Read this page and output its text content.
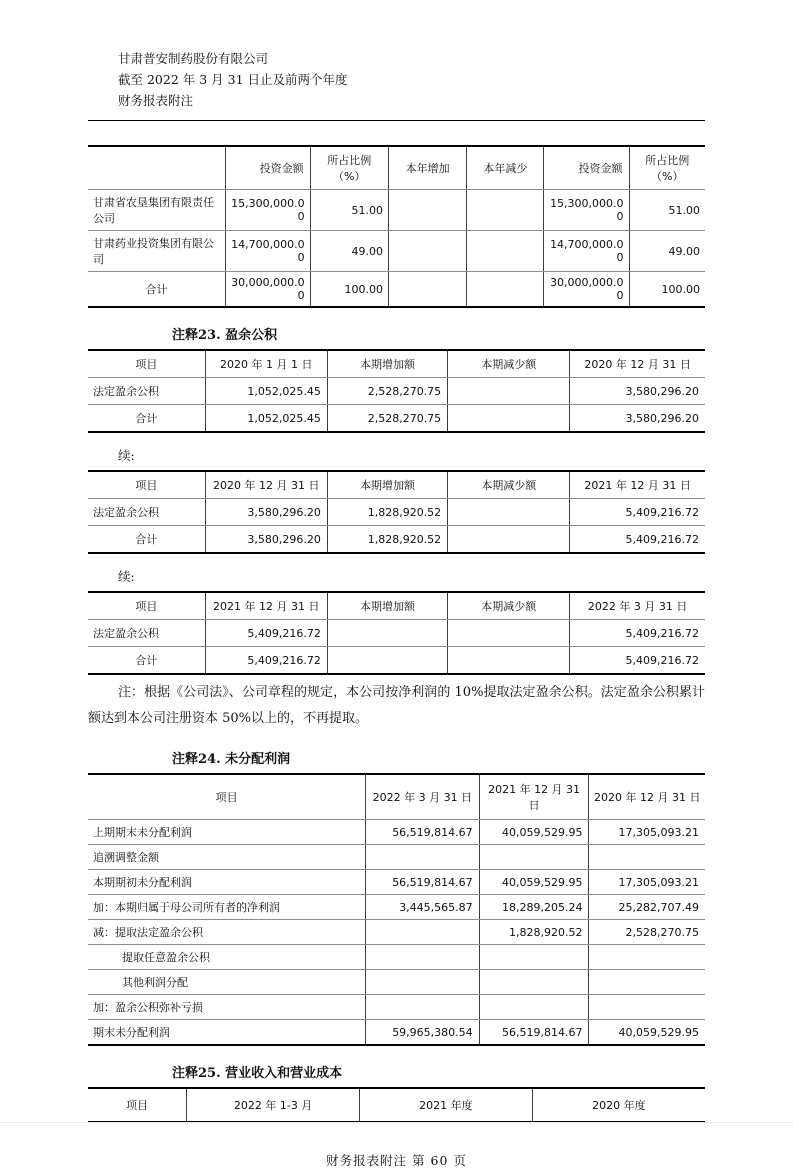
甘肃普安制药股份有限公司
截至 2022 年 3 月 31 日止及前两个年度
财务报表附注
	投资金额	所占比例（%）	本年增加	本年减少	投资金额	所占比例（%）
甘肃省农垦集团有限责任公司	15,300,000.00	51.00			15,300,000.00	51.00
甘肃药业投资集团有限公司	14,700,000.00	49.00			14,700,000.00	49.00
合计	30,000,000.00	100.00			30,000,000.00	100.00
注释23. 盈余公积
项目	2020 年 1 月 1 日	本期增加额	本期减少额	2020 年 12 月 31 日
法定盈余公积	1,052,025.45	2,528,270.75		3,580,296.20
合计	1,052,025.45	2,528,270.75		3,580,296.20
续:
项目	2020 年 12 月 31 日	本期增加额	本期减少额	2021 年 12 月 31 日
法定盈余公积	3,580,296.20	1,828,920.52		5,409,216.72
合计	3,580,296.20	1,828,920.52		5,409,216.72
续:
项目	2021 年 12 月 31 日	本期增加额	本期减少额	2022 年 3 月 31 日
法定盈余公积	5,409,216.72			5,409,216.72
合计	5,409,216.72			5,409,216.72

注：根据《公司法》、公司章程的规定，本公司按净利润的 10%提取法定盈余公积。法定盈余公积累计额达到本公司注册资本 50%以上的，不再提取。

注释24. 未分配利润
项目	2022 年 3 月 31 日	2021 年 12 月 31 日	2020 年 12 月 31 日
上期期末未分配利润	56,519,814.67	40,059,529.95	17,305,093.21
追溯调整金额			
本期期初未分配利润	56,519,814.67	40,059,529.95	17,305,093.21
加：本期归属于母公司所有者的净利润	3,445,565.87	18,289,205.24	25,282,707.49
减：提取法定盈余公积		1,828,920.52	2,528,270.75
提取任意盈余公积			
其他利润分配			
加：盈余公积弥补亏损			
期末未分配利润	59,965,380.54	56,519,814.67	40,059,529.95
注释25. 营业收入和营业成本
项目	2022 年 1-3 月	2021 年度	2020 年度
财务报表附注 第 60 页
